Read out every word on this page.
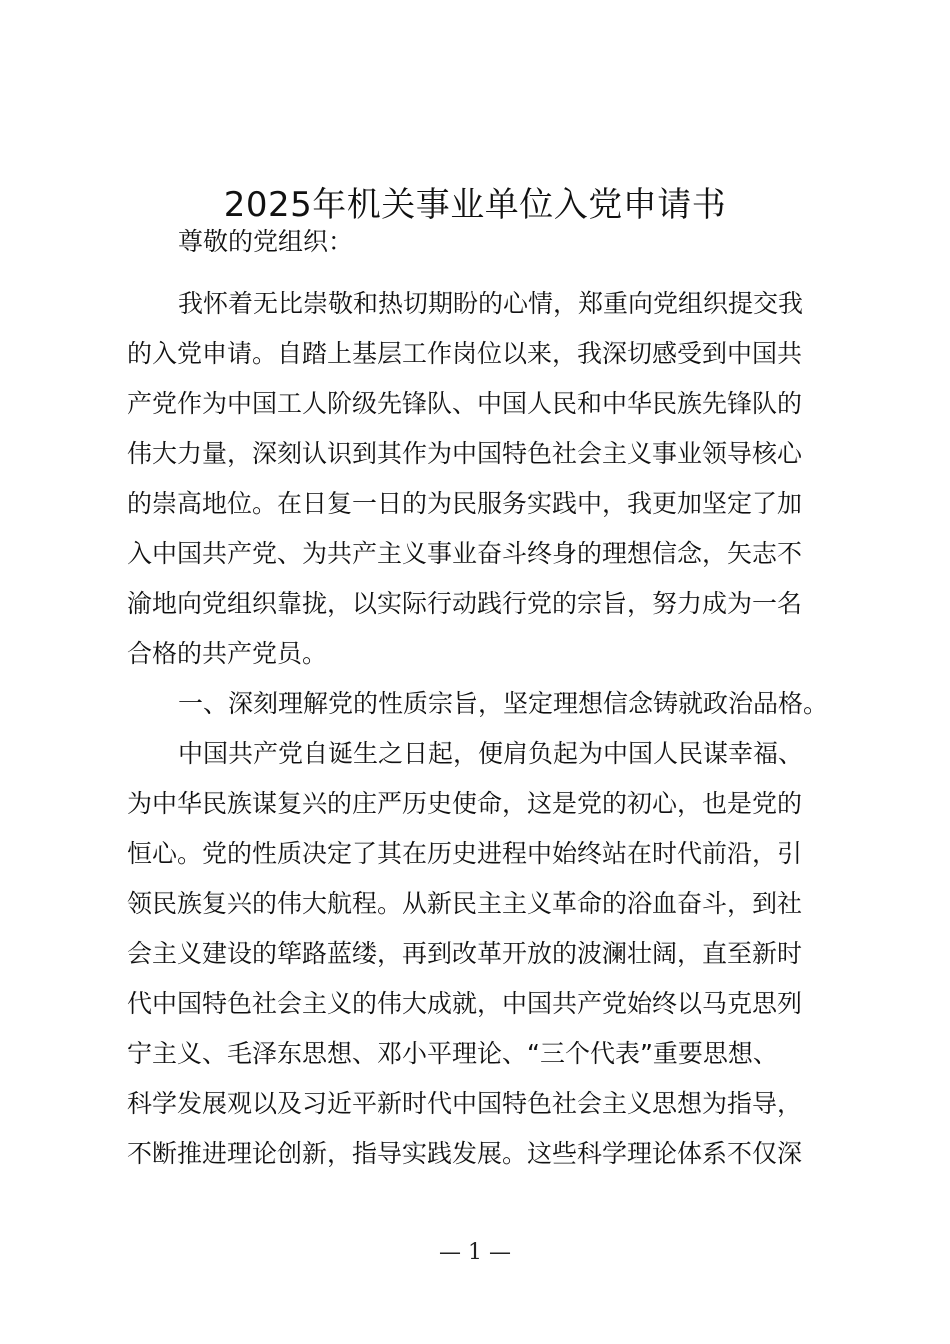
2025年机关事业单位入党申请书
尊敬的党组织：
我怀着无比崇敬和热切期盼的心情，郑重向党组织提交我
的入党申请。自踏上基层工作岗位以来，我深切感受到中国共
产党作为中国工人阶级先锋队、中国人民和中华民族先锋队的
伟大力量，深刻认识到其作为中国特色社会主义事业领导核心
的崇高地位。在日复一日的为民服务实践中，我更加坚定了加
入中国共产党、为共产主义事业奋斗终身的理想信念，矢志不
渝地向党组织靠拢，以实际行动践行党的宗旨，努力成为一名
合格的共产党员。
一、深刻理解党的性质宗旨，坚定理想信念铸就政治品格。
中国共产党自诞生之日起，便肩负起为中国人民谋幸福、
为中华民族谋复兴的庄严历史使命，这是党的初心，也是党的
恒心。党的性质决定了其在历史进程中始终站在时代前沿，引
领民族复兴的伟大航程。从新民主主义革命的浴血奋斗，到社
会主义建设的筚路蓝缕，再到改革开放的波澜壮阔，直至新时
代中国特色社会主义的伟大成就，中国共产党始终以马克思列
宁主义、毛泽东思想、邓小平理论、“三个代表”重要思想、
科学发展观以及习近平新时代中国特色社会主义思想为指导，
不断推进理论创新，指导实践发展。这些科学理论体系不仅深
— 1 —
